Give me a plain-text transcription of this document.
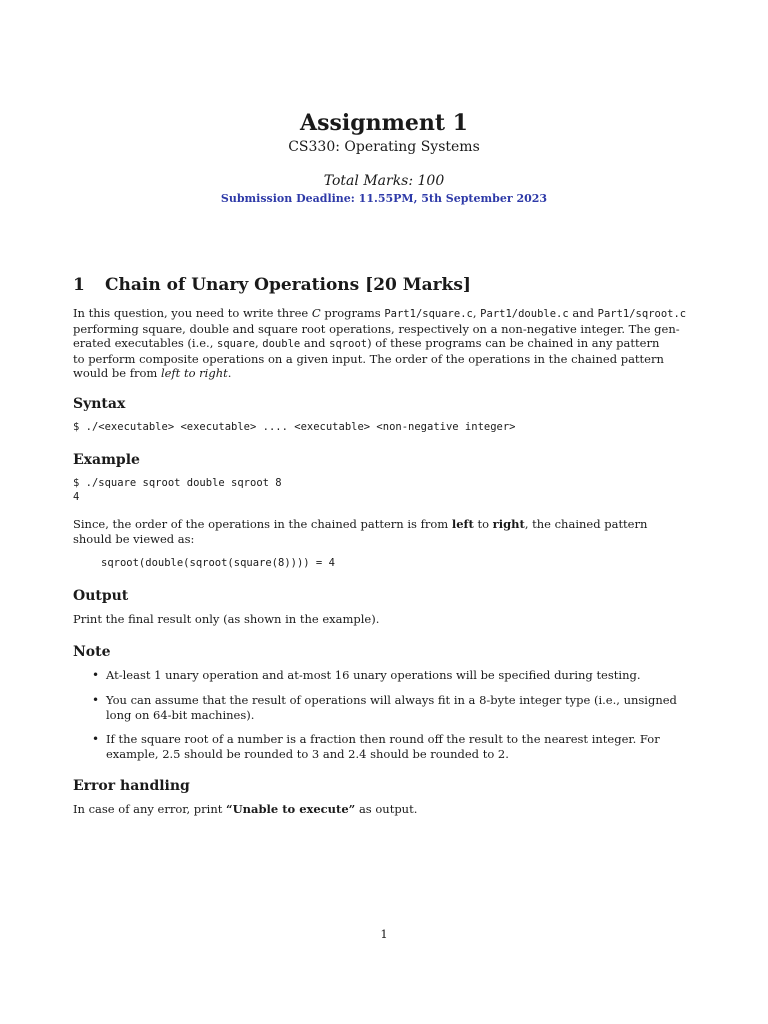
Assignment 1
CS330: Operating Systems
Total Marks: 100
Submission Deadline: 11.55PM, 5th September 2023
1 Chain of Unary Operations [20 Marks]
In this question, you need to write three C programs Part1/square.c, Part1/double.c and Part1/sqroot.c
performing square, double and square root operations, respectively on a non-negative integer. The gen-
erated executables (i.e., square, double and sqroot) of these programs can be chained in any pattern
to perform composite operations on a given input. The order of the operations in the chained pattern
would be from left to right.
Syntax
$ ./<executable> <executable> .... <executable> <non-negative integer>
Example
$ ./square sqroot double sqroot 8
4
Since, the order of the operations in the chained pattern is from left to right, the chained pattern
should be viewed as:
sqroot(double(sqroot(square(8)))) = 4
Output
Print the final result only (as shown in the example).
Note
• At-least 1 unary operation and at-most 16 unary operations will be specified during testing.
• You can assume that the result of operations will always fit in a 8-byte integer type (i.e., unsigned
long on 64-bit machines).
• If the square root of a number is a fraction then round off the result to the nearest integer. For
example, 2.5 should be rounded to 3 and 2.4 should be rounded to 2.
Error handling
In case of any error, print “Unable to execute” as output.
1
